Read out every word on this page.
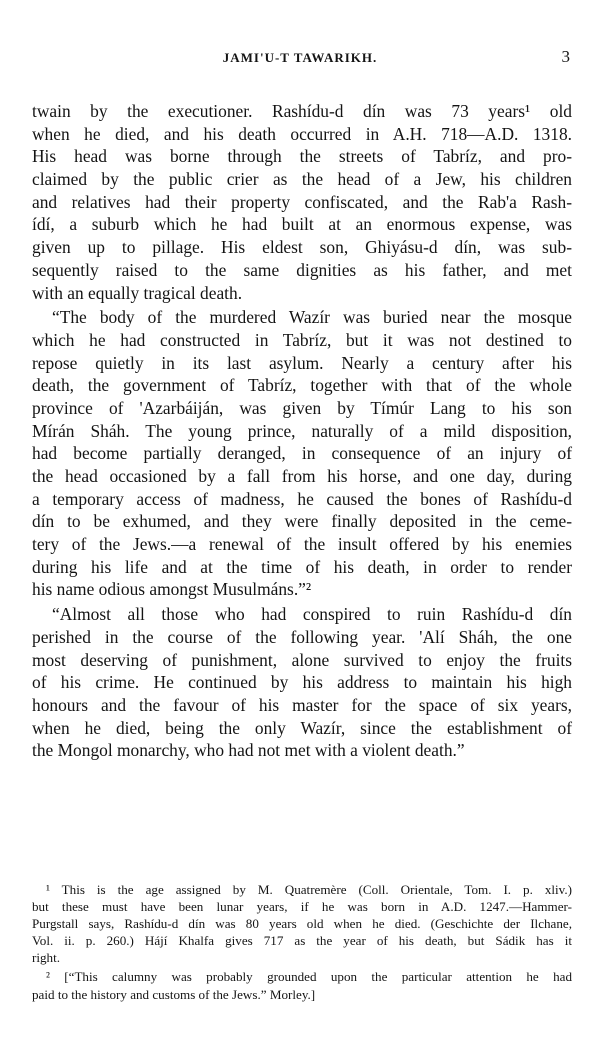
JAMI'U-T TAWARIKH.	3
twain by the executioner. Rashídu-d dín was 73 years¹ old
when he died, and his death occurred in A.H. 718—A.D. 1318.
His head was borne through the streets of Tabríz, and pro-
claimed by the public crier as the head of a Jew, his children
and relatives had their property confiscated, and the Rab'a Rash-
ídí, a suburb which he had built at an enormous expense, was
given up to pillage. His eldest son, Ghiyásu-d dín, was sub-
sequently raised to the same dignities as his father, and met
with an equally tragical death.
“The body of the murdered Wazír was buried near the mosque
which he had constructed in Tabríz, but it was not destined to
repose quietly in its last asylum. Nearly a century after his
death, the government of Tabríz, together with that of the whole
province of 'Azarbáiján, was given by Tímúr Lang to his son
Mírán Sháh. The young prince, naturally of a mild disposition,
had become partially deranged, in consequence of an injury of
the head occasioned by a fall from his horse, and one day, during
a temporary access of madness, he caused the bones of Rashídu-d
dín to be exhumed, and they were finally deposited in the ceme-
tery of the Jews.—a renewal of the insult offered by his enemies
during his life and at the time of his death, in order to render
his name odious amongst Musulmáns.”²
“Almost all those who had conspired to ruin Rashídu-d dín
perished in the course of the following year. 'Alí Sháh, the one
most deserving of punishment, alone survived to enjoy the fruits
of his crime. He continued by his address to maintain his high
honours and the favour of his master for the space of six years,
when he died, being the only Wazír, since the establishment of
the Mongol monarchy, who had not met with a violent death.”
¹ This is the age assigned by M. Quatremère (Coll. Orientale, Tom. I. p. xliv.)
but these must have been lunar years, if he was born in A.D. 1247.—Hammer-
Purgstall says, Rashídu-d dín was 80 years old when he died. (Geschichte der Ilchane,
Vol. ii. p. 260.) Hájí Khalfa gives 717 as the year of his death, but Sádik has it
right.
² [“This calumny was probably grounded upon the particular attention he had
paid to the history and customs of the Jews.” Morley.]
